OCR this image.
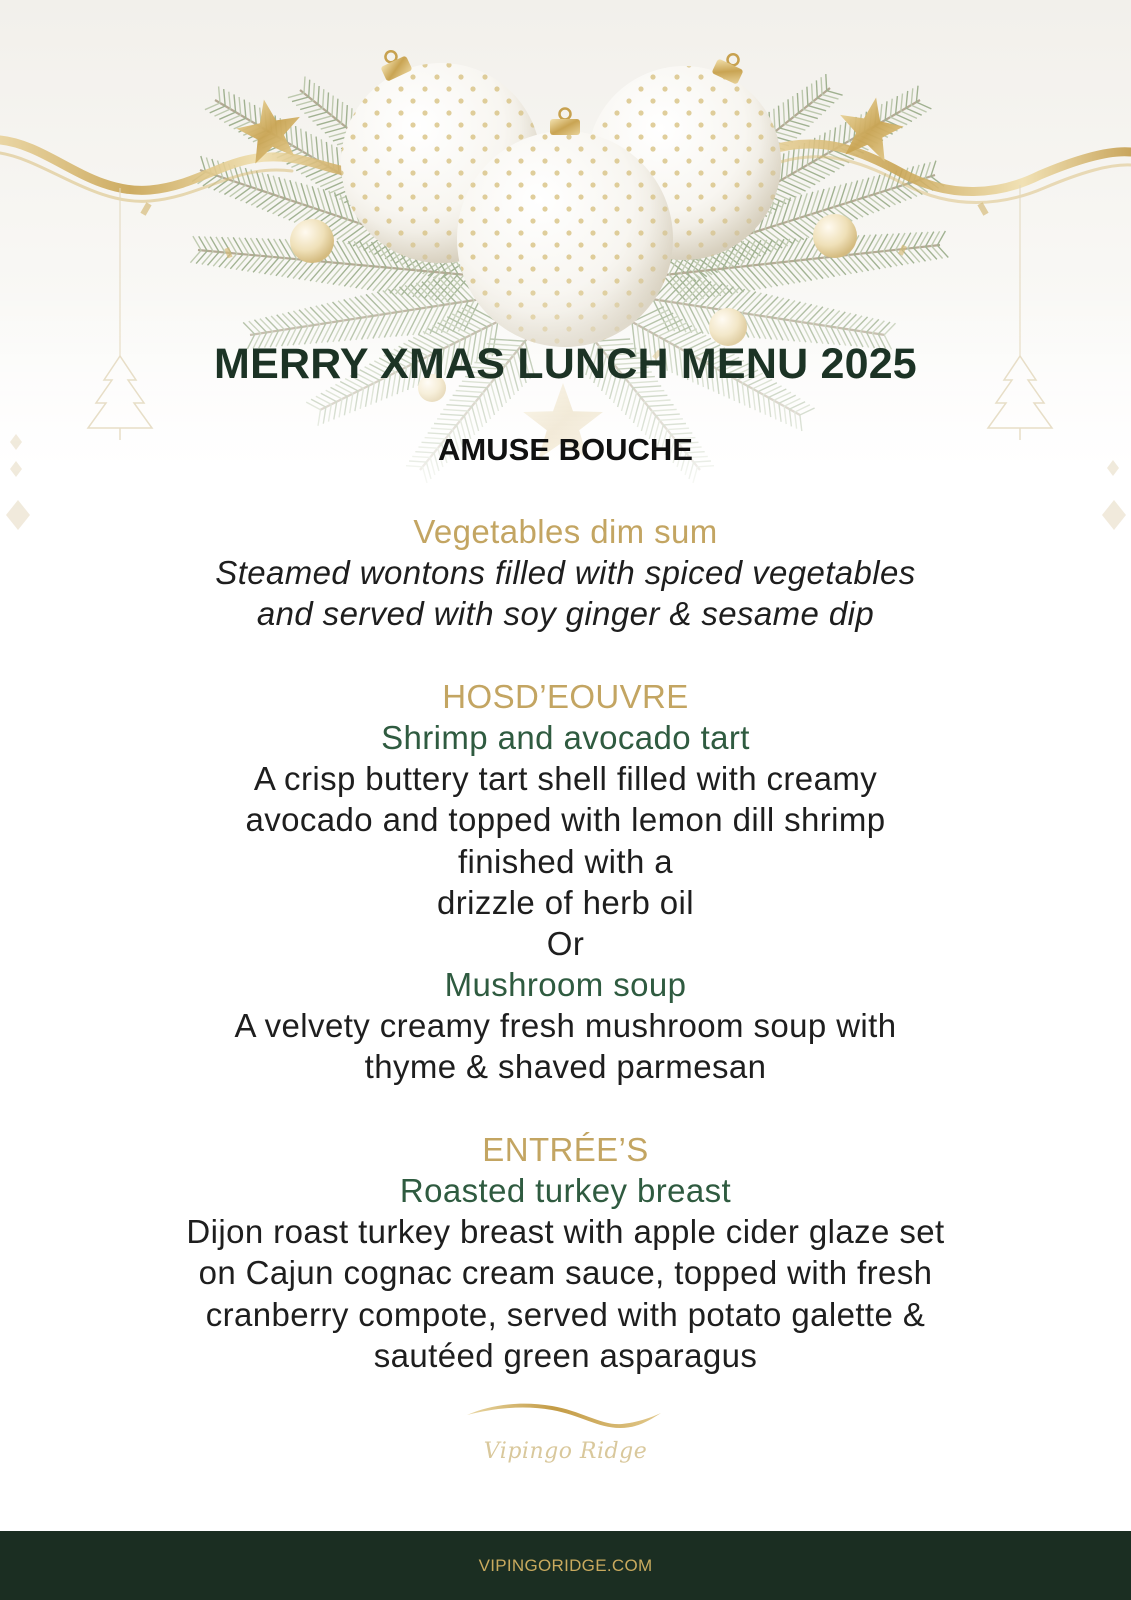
MERRY XMAS LUNCH MENU 2025
AMUSE BOUCHE
Vegetables dim sum
Steamed wontons filled with spiced vegetables
and served with soy ginger & sesame dip
HOSD’EOUVRE
Shrimp and avocado tart
A crisp buttery tart shell filled with creamy
avocado and topped with lemon dill shrimp
finished with a
drizzle of herb oil
Or
Mushroom soup
A velvety creamy fresh mushroom soup with
thyme & shaved parmesan
ENTRÉE’S
Roasted turkey breast
Dijon roast turkey breast with apple cider glaze set
on Cajun cognac cream sauce, topped with fresh
cranberry compote, served with potato galette &
sautéed green asparagus
Vipingo Ridge
VIPINGORIDGE.COM
